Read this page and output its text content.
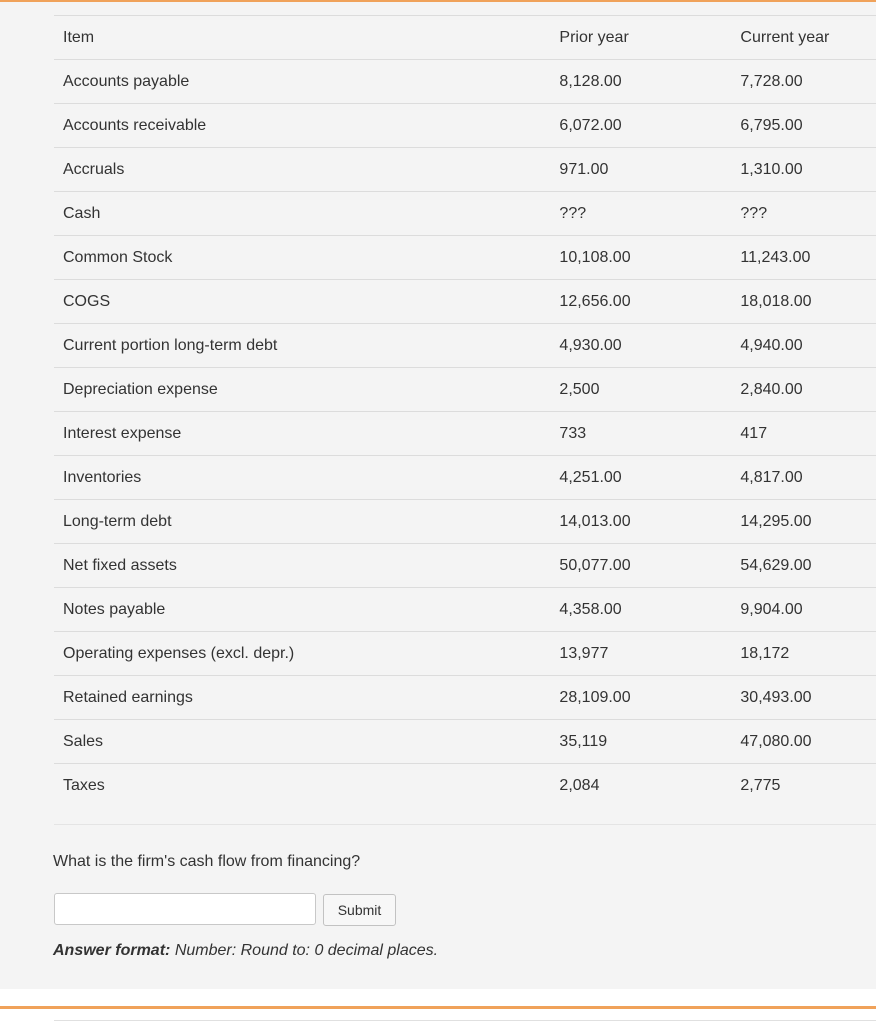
Item	Prior year	Current year
Accounts payable	8,128.00	7,728.00
Accounts receivable	6,072.00	6,795.00
Accruals	971.00	1,310.00
Cash	???	???
Common Stock	10,108.00	11,243.00
COGS	12,656.00	18,018.00
Current portion long-term debt	4,930.00	4,940.00
Depreciation expense	2,500	2,840.00
Interest expense	733	417
Inventories	4,251.00	4,817.00
Long-term debt	14,013.00	14,295.00
Net fixed assets	50,077.00	54,629.00
Notes payable	4,358.00	9,904.00
Operating expenses (excl. depr.)	13,977	18,172
Retained earnings	28,109.00	30,493.00
Sales	35,119	47,080.00
Taxes	2,084	2,775
What is the firm's cash flow from financing?
Submit
Answer format: Number: Round to: 0 decimal places.
